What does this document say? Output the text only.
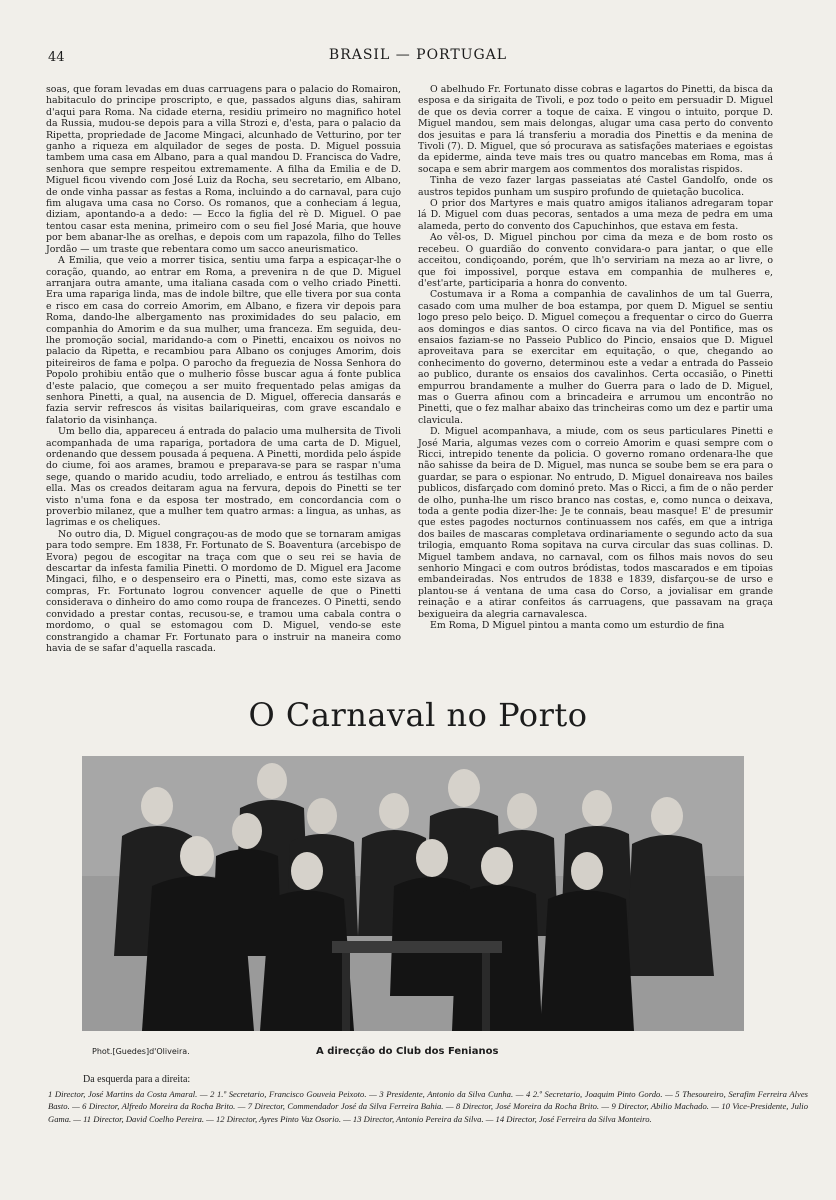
44	BRASIL — PORTUGAL

soas, que foram levadas em duas carruagens para o palacio do Romairon, habitaculo do principe proscripto, e que, passados alguns dias, sahiram d'aqui para Roma. Na cidade eterna, residiu primeiro no magnifico hotel da Russia, mudou-se depois para a villa Strozi e, d'esta, para o palacio da Ripetta, propriedade de Jacome Mingaci, alcunhado de Vetturino, por ter ganho a riqueza em alquilador de seges de posta. D. Miguel possuia tambem uma casa em Albano, para a qual mandou D. Francisca do Vadre, senhora que sempre respeitou extremamente. A filha da Emilia e de D. Miguel ficou vivendo com José Luiz da Rocha, seu secretario, em Albano, de onde vinha passar as festas a Roma, incluindo a do carnaval, para cujo fim alugava uma casa no Corso. Os romanos, que a conheciam á legua, diziam, apontando-a a dedo: — Ecco la figlia del rè D. Miguel. O pae tentou casar esta menina, primeiro com o seu fiel José Maria, que houve por bem abanar-lhe as orelhas, e depois com um rapazola, filho do Telles Jordão — um traste que rebentara como um sacco aneurismatico.

A Emilia, que veio a morrer tisica, sentiu uma farpa a espicaçar-lhe o coração, quando, ao entrar em Roma, a prevenira n de que D. Miguel arranjara outra amante, uma italiana casada com o velho criado Pinetti. Era uma rapariga linda, mas de indole biltre, que elle tivera por sua conta e risco em casa do correio Amorim, em Albano, e fizera vir depois para Roma, dando-lhe albergamento nas proximidades do seu palacio, em companhia do Amorim e da sua mulher, uma franceza. Em seguida, deu-lhe promoção social, maridando-a com o Pinetti, encaixou os noivos no palacio da Ripetta, e recambiou para Albano os conjuges Amorim, dois piteireiros de fama e polpa. O parocho da freguezia de Nossa Senhora do Popolo prohibiu então que o mulherio fôsse buscar agua á fonte publica d'este palacio, que começou a ser muito frequentado pelas amigas da senhora Pinetti, a qual, na ausencia de D. Miguel, offerecia dansarás e fazia servir refrescos ás visitas bailariqueiras, com grave escandalo e falatorio da visinhança.

Um bello dia, appareceu á entrada do palacio uma mulhersita de Tivoli acompanhada de uma rapariga, portadora de uma carta de D. Miguel, ordenando que dessem pousada á pequena. A Pinetti, mordida pelo áspide do ciume, foi aos arames, bramou e preparava-se para se raspar n'uma sege, quando o marido acudiu, todo arreliado, e entrou ás testilhas com ella. Mas os creados deitaram agua na fervura, depois do Pinetti se ter visto n'uma fona e da esposa ter mostrado, em concordancia com o proverbio milanez, que a mulher tem quatro armas: a lingua, as unhas, as lagrimas e os cheliques.

No outro dia, D. Miguel congraçou-as de modo que se tornaram amigas para todo sempre. Em 1838, Fr. Fortunato de S. Boaventura (arcebispo de Evora) pegou de escogitar na traça com que o seu rei se havia de descartar da infesta familia Pinetti. O mordomo de D. Miguel era Jacome Mingaci, filho, e o despenseiro era o Pinetti, mas, como este sizava as compras, Fr. Fortunato logrou convencer aquelle de que o Pinetti considerava o dinheiro do amo como roupa de francezes. O Pinetti, sendo convidado a prestar contas, recusou-se, e tramou uma cabala contra o mordomo, o qual se estomagou com D. Miguel, vendo-se este constrangido a chamar Fr. Fortunato para o instruir na maneira como havia de se safar d'aquella rascada.

O abelhudo Fr. Fortunato disse cobras e lagartos do Pinetti, da bisca da esposa e da sirigaita de Tivoli, e poz todo o peito em persuadir D. Miguel de que os devia correr a toque de caixa. E vingou o intuito, porque D. Miguel mandou, sem mais delongas, alugar uma casa perto do convento dos jesuitas e para lá transferiu a moradia dos Pinettis e da menina de Tivoli (7). D. Miguel, que só procurava as satisfações materiaes e egoistas da epiderme, ainda teve mais tres ou quatro mancebas em Roma, mas á socapa e sem abrir margem aos commentos dos moralistas rispidos.

Tinha de vezo fazer largas passeiatas até Castel Gandolfo, onde os austros tepidos punham um suspiro profundo de quietação bucolica.

O prior dos Martyres e mais quatro amigos italianos adregaram topar lá D. Miguel com duas pecoras, sentados a uma meza de pedra em uma alameda, perto do convento dos Capuchinhos, que estava em festa.

Ao vêl-os, D. Miguel pinchou por cima da meza e de bom rosto os recebeu. O guardião do convento convidara-o para jantar, o que elle acceitou, condiçoando, porém, que lh'o serviriam na meza ao ar livre, o que foi impossivel, porque estava em companhia de mulheres e, d'est'arte, participaria a honra do convento.

Costumava ir a Roma a companhia de cavalinhos de um tal Guerra, casado com uma mulher de boa estampa, por quem D. Miguel se sentiu logo preso pelo beiço. D. Miguel começou a frequentar o circo do Guerra aos domingos e dias santos. O circo ficava na via del Pontifice, mas os ensaios faziam-se no Passeio Publico do Pincio, ensaios que D. Miguel aproveitava para se exercitar em equitação, o que, chegando ao conhecimento do governo, determinou este a vedar a entrada do Passeio ao publico, durante os ensaios dos cavalinhos. Certa occasião, o Pinetti empurrou brandamente a mulher do Guerra para o lado de D. Miguel, mas o Guerra afinou com a brincadeira e arrumou um encontrão no Pinetti, que o fez malhar abaixo das trincheiras como um dez e partir uma clavicula.

D. Miguel acompanhava, a miude, com os seus particulares Pinetti e José Maria, algumas vezes com o correio Amorim e quasi sempre com o Ricci, intrepido tenente da policia. O governo romano ordenara-lhe que não sahisse da beira de D. Miguel, mas nunca se soube bem se era para o guardar, se para o espionar. No entrudo, D. Miguel donaireava nos bailes publicos, disfarçado com dominó preto. Mas o Ricci, a fim de o não perder de olho, punha-lhe um risco branco nas costas, e, como nunca o deixava, toda a gente podia dizer-lhe: Je te connais, beau masque! E' de presumir que estes pagodes nocturnos continuassem nos cafés, em que a intriga dos bailes de mascaras completava ordinariamente o segundo acto da sua trilogia, emquanto Roma sopitava na curva circular das suas collinas. D. Miguel tambem andava, no carnaval, com os filhos mais novos do seu senhorio Mingaci e com outros bródistas, todos mascarados e em tipoias embandeiradas. Nos entrudos de 1838 e 1839, disfarçou-se de urso e plantou-se á ventana de uma casa do Corso, a jovialisar em grande reinação e a atirar confeitos ás carruagens, que passavam na graça bexigueira da alegria carnavalesca.

Em Roma, D Miguel pintou a manta como um esturdio de fina

O Carnaval no Porto
Phot.[Guedes]d'Oliveira.	A direcção do Club dos Fenianos
Da esquerda para a direita:
1 Director, José Martins da Costa Amaral. — 2 1.º Secretario, Francisco Gouveia Peixoto. — 3 Presidente, Antonio da Silva Cunha. — 4 2.º Secretario, Joaquim Pinto Gordo. — 5 Thesoureiro, Serafim Ferreira Alves Basto. — 6 Director, Alfredo Moreira da Rocha Brito. — 7 Director, Commendador José da Silva Ferreira Bahia. — 8 Director, José Moreira da Rocha Brito. — 9 Director, Abilio Machado. — 10 Vice-Presidente, Julio Gama. — 11 Director, David Coelho Pereira. — 12 Director, Ayres Pinto Vaz Osorio. — 13 Director, Antonio Pereira da Silva. — 14 Director, José Ferreira da Silva Monteiro.
